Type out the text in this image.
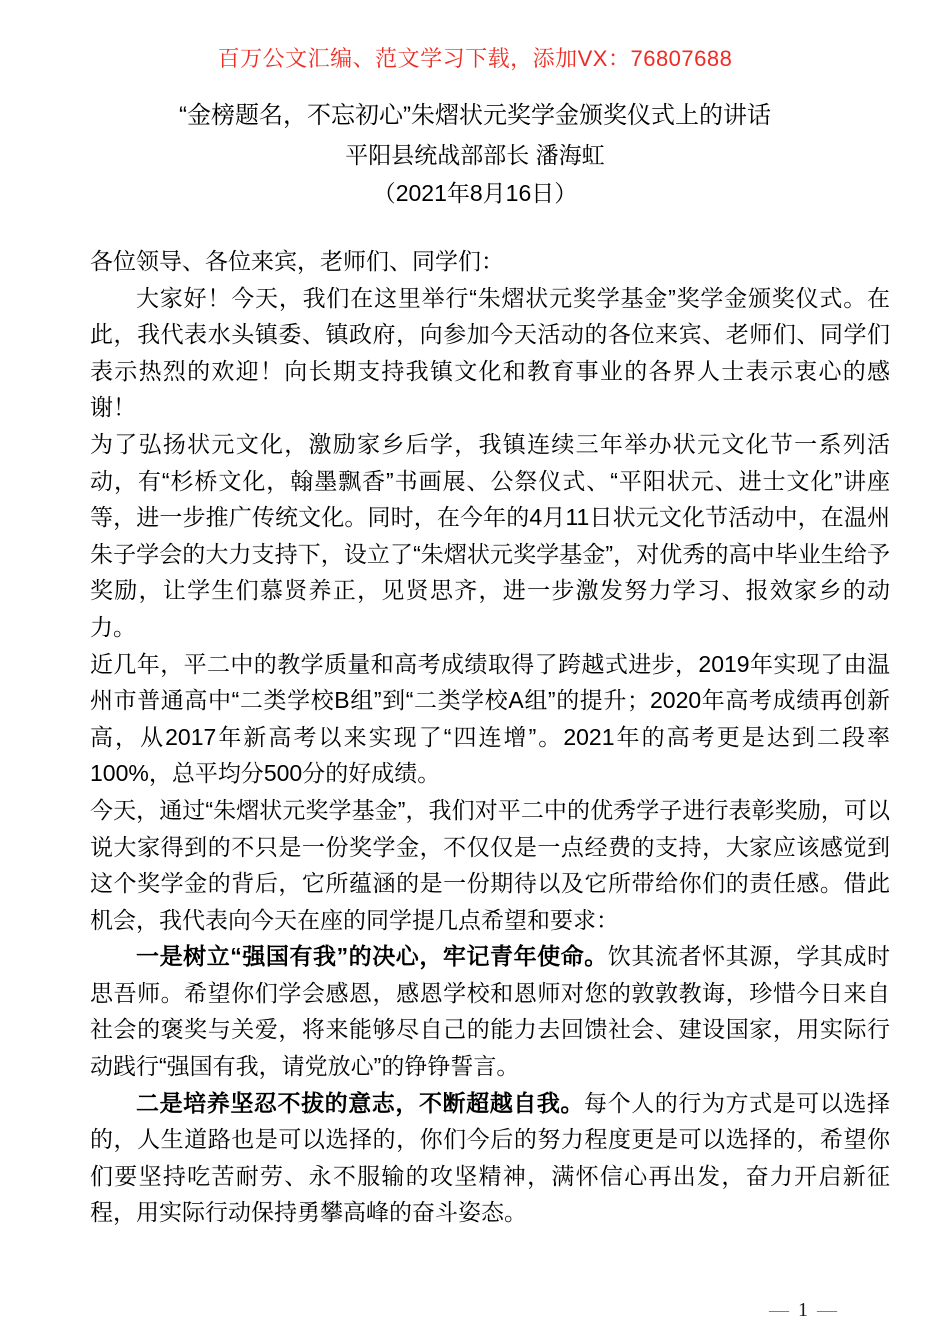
百万公文汇编、范文学习下载，添加VX：76807688
“金榜题名，不忘初心”朱熠状元奖学金颁奖仪式上的讲话
平阳县统战部部长 潘海虹
（2021年8月16日）

各位领导、各位来宾，老师们、同学们：

大家好！今天，我们在这里举行“朱熠状元奖学基金”奖学金颁奖仪式。在此，我代表水头镇委、镇政府，向参加今天活动的各位来宾、老师们、同学们表示热烈的欢迎！向长期支持我镇文化和教育事业的各界人士表示衷心的感谢！

为了弘扬状元文化，激励家乡后学，我镇连续三年举办状元文化节一系列活动，有“杉桥文化，翰墨飘香”书画展、公祭仪式、“平阳状元、进士文化”讲座等，进一步推广传统文化。同时，在今年的4月11日状元文化节活动中，在温州朱子学会的大力支持下，设立了“朱熠状元奖学基金”，对优秀的高中毕业生给予奖励，让学生们慕贤养正，见贤思齐，进一步激发努力学习、报效家乡的动力。

近几年，平二中的教学质量和高考成绩取得了跨越式进步，2019年实现了由温州市普通高中“二类学校B组”到“二类学校A组”的提升；2020年高考成绩再创新高，从2017年新高考以来实现了“四连增”。2021年的高考更是达到二段率100%，总平均分500分的好成绩。

今天，通过“朱熠状元奖学基金”，我们对平二中的优秀学子进行表彰奖励，可以说大家得到的不只是一份奖学金，不仅仅是一点经费的支持，大家应该感觉到这个奖学金的背后，它所蕴涵的是一份期待以及它所带给你们的责任感。借此机会，我代表向今天在座的同学提几点希望和要求：

一是树立“强国有我”的决心，牢记青年使命。饮其流者怀其源，学其成时思吾师。希望你们学会感恩，感恩学校和恩师对您的敦敦教诲，珍惜今日来自社会的褒奖与关爱，将来能够尽自己的能力去回馈社会、建设国家，用实际行动践行“强国有我，请党放心”的铮铮誓言。

二是培养坚忍不拔的意志，不断超越自我。每个人的行为方式是可以选择的，人生道路也是可以选择的，你们今后的努力程度更是可以选择的，希望你们要坚持吃苦耐劳、永不服输的攻坚精神，满怀信心再出发，奋力开启新征程，用实际行动保持勇攀高峰的奋斗姿态。

— 1 —
